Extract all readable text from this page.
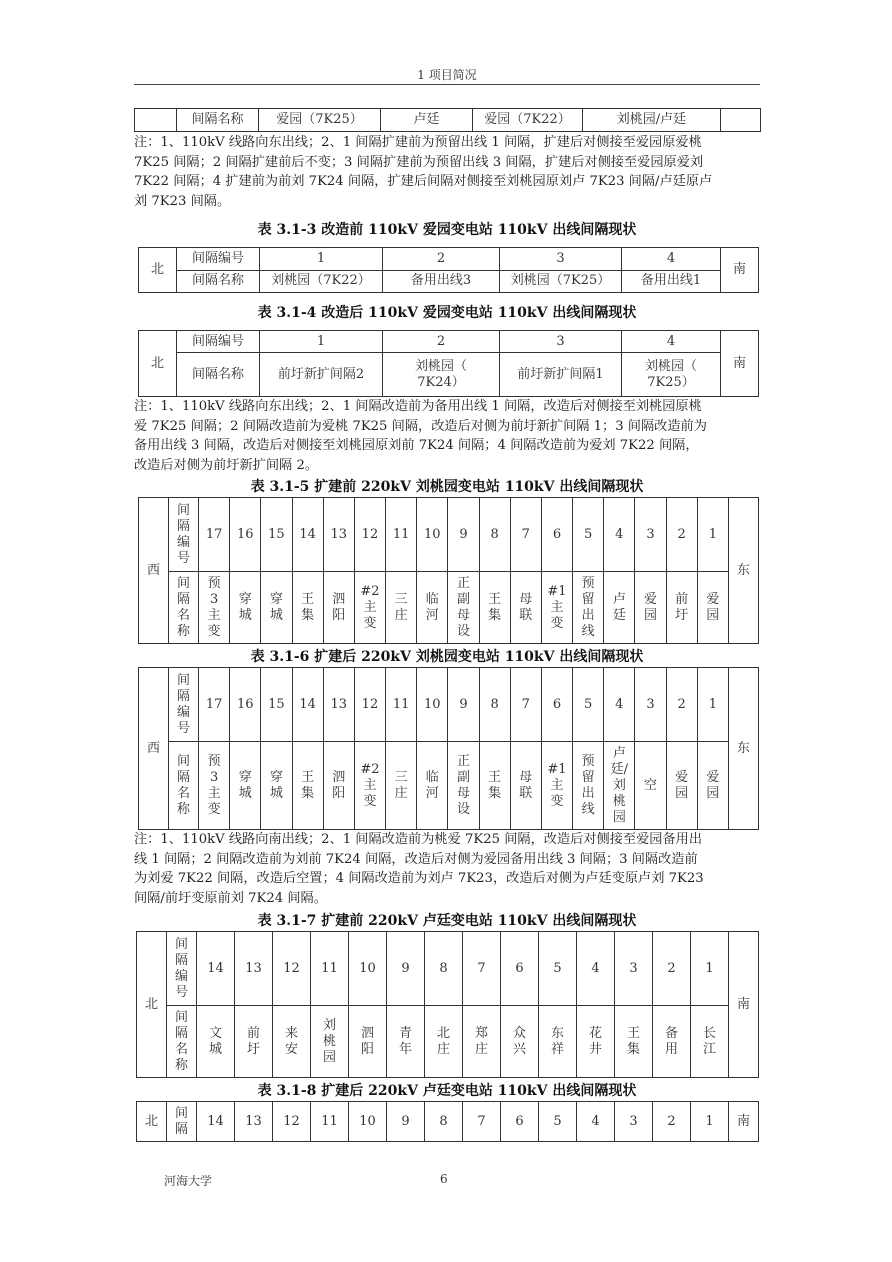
1 项目简况
	间隔名称	爱园（7K25）	卢廷	爱园（7K22）	刘桃园/卢廷	
注：1、110kV 线路向东出线；2、1 间隔扩建前为预留出线 1 间隔，扩建后对侧接至爱园原爱桃
7K25 间隔；2 间隔扩建前后不变；3 间隔扩建前为预留出线 3 间隔，扩建后对侧接至爱园原爱刘
7K22 间隔；4 扩建前为前刘 7K24 间隔，扩建后间隔对侧接至刘桃园原刘卢 7K23 间隔/卢廷原卢
刘 7K23 间隔。
表 3.1-3 改造前 110kV 爱园变电站 110kV 出线间隔现状
北	间隔编号	1	2	3	4	南
	间隔名称	刘桃园（7K22）	备用出线3	刘桃园（7K25）	备用出线1	
表 3.1-4 改造后 110kV 爱园变电站 110kV 出线间隔现状
北	间隔编号	1	2	3	4	南
	间隔名称	前圩新扩间隔2	刘桃园（
7K24）	前圩新扩间隔1	刘桃园（
7K25）	
注：1、110kV 线路向东出线；2、1 间隔改造前为备用出线 1 间隔，改造后对侧接至刘桃园原桃
爱 7K25 间隔；2 间隔改造前为爱桃 7K25 间隔，改造后对侧为前圩新扩间隔 1；3 间隔改造前为
备用出线 3 间隔，改造后对侧接至刘桃园原刘前 7K24 间隔；4 间隔改造前为爱刘 7K22 间隔，
改造后对侧为前圩新扩间隔 2。
表 3.1-5 扩建前 220kV 刘桃园变电站 110kV 出线间隔现状
西	间
隔
编
号	17	16	15	14	13	12	11	10	9	8	7	6	5	4	3	2	1	东
	间
隔
名
称	预
3
主
变	穿
城	穿
城	王
集	泗
阳	#2
主
变	三
庄	临
河	正
副
母
设	王
集	母
联	#1
主
变	预
留
出
线	卢
廷	爱
园	前
圩	爱
园	
表 3.1-6 扩建后 220kV 刘桃园变电站 110kV 出线间隔现状
西	间
隔
编
号	17	16	15	14	13	12	11	10	9	8	7	6	5	4	3	2	1	东
	间
隔
名
称	预
3
主
变	穿
城	穿
城	王
集	泗
阳	#2
主
变	三
庄	临
河	正
副
母
设	王
集	母
联	#1
主
变	预
留
出
线	卢
廷/
刘
桃
园	空	爱
园	爱
园	
注：1、110kV 线路向南出线；2、1 间隔改造前为桃爱 7K25 间隔，改造后对侧接至爱园备用出
线 1 间隔；2 间隔改造前为刘前 7K24 间隔，改造后对侧为爱园备用出线 3 间隔；3 间隔改造前
为刘爱 7K22 间隔，改造后空置；4 间隔改造前为刘卢 7K23，改造后对侧为卢廷变原卢刘 7K23
间隔/前圩变原前刘 7K24 间隔。
表 3.1-7 扩建前 220kV 卢廷变电站 110kV 出线间隔现状
北	间
隔
编
号	14	13	12	11	10	9	8	7	6	5	4	3	2	1	南
	间
隔
名
称	文
城	前
圩	来
安	刘
桃
园	泗
阳	青
年	北
庄	郑
庄	众
兴	东
祥	花
井	王
集	备
用	长
江	
表 3.1-8 扩建后 220kV 卢廷变电站 110kV 出线间隔现状
北	间
隔	14	13	12	11	10	9	8	7	6	5	4	3	2	1	南
河海大学	6
